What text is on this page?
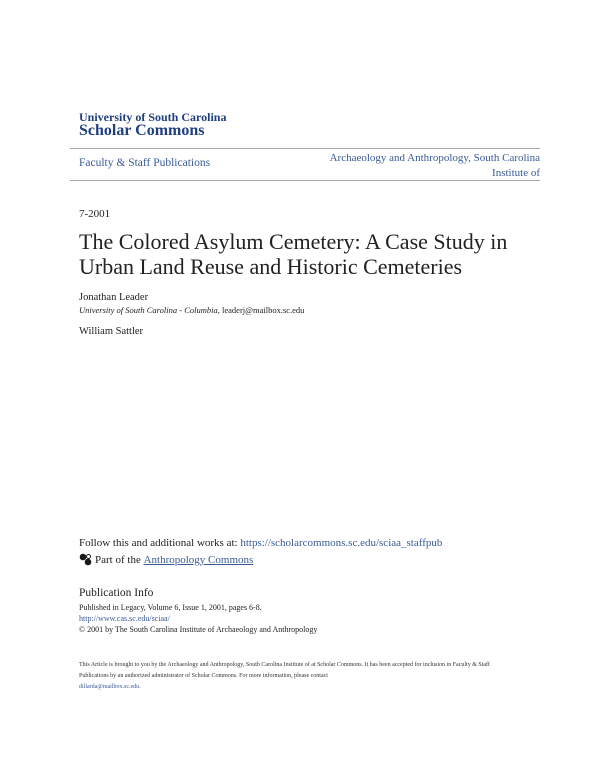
University of South Carolina
Scholar Commons
Faculty & Staff Publications	Archaeology and Anthropology, South Carolina Institute of
7-2001
The Colored Asylum Cemetery: A Case Study in Urban Land Reuse and Historic Cemeteries
Jonathan Leader
University of South Carolina - Columbia, leaderj@mailbox.sc.edu
William Sattler
Follow this and additional works at: https://scholarcommons.sc.edu/sciaa_staffpub
Part of the
Anthropology Commons
Publication Info
Published in Legacy, Volume 6, Issue 1, 2001, pages 6-8.
http://www.cas.sc.edu/sciaa/
© 2001 by The South Carolina Institute of Archaeology and Anthropology
This Article is brought to you by the Archaeology and Anthropology, South Carolina Institute of at Scholar Commons. It has been accepted for inclusion in Faculty & Staff Publications by an authorized administrator of Scholar Commons. For more information, please contact
dillarda@mailbox.sc.edu.
